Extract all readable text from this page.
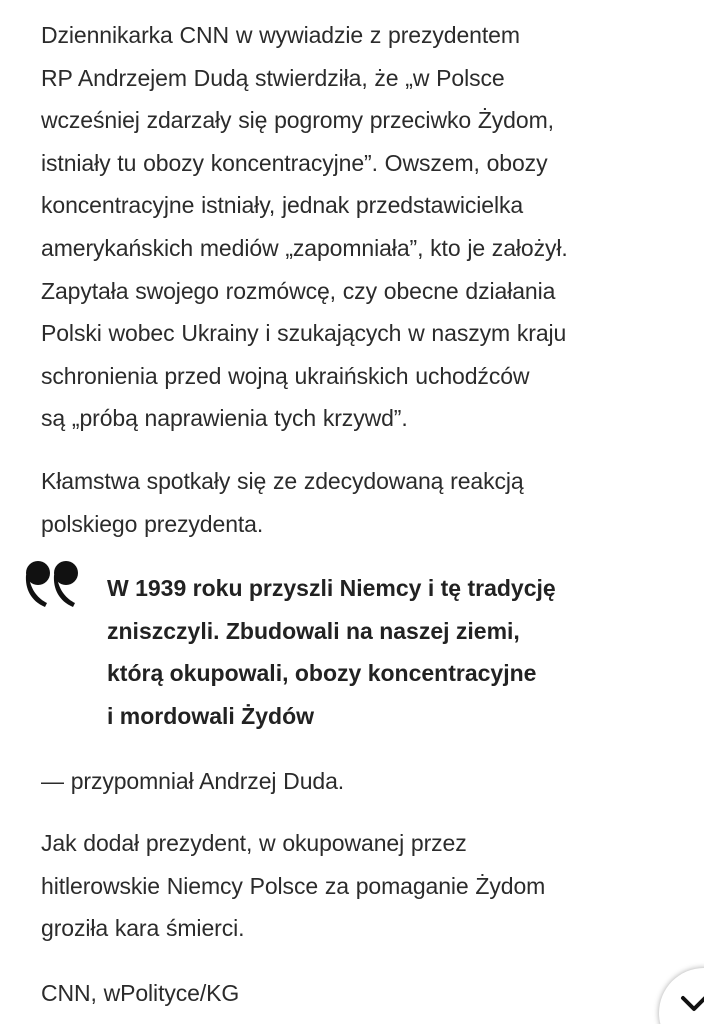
Dziennikarka CNN w wywiadzie z prezydentem
RP Andrzejem Dudą stwierdziła, że „w Polsce
wcześniej zdarzały się pogromy przeciwko Żydom,
istniały tu obozy koncentracyjne”. Owszem, obozy
koncentracyjne istniały, jednak przedstawicielka
amerykańskich mediów „zapomniała”, kto je założył.
Zapytała swojego rozmówcę, czy obecne działania
Polski wobec Ukrainy i szukających w naszym kraju
schronienia przed wojną ukraińskich uchodźców
są „próbą naprawienia tych krzywd”.

Kłamstwa spotkały się ze zdecydowaną reakcją
polskiego prezydenta.

W 1939 roku przyszli Niemcy i tę tradycję
zniszczyli. Zbudowali na naszej ziemi,
którą okupowali, obozy koncentracyjne
i mordowali Żydów

— przypomniał Andrzej Duda.

Jak dodał prezydent, w okupowanej przez
hitlerowskie Niemcy Polsce za pomaganie Żydom
groziła kara śmierci.

CNN, wPolityce/KG
